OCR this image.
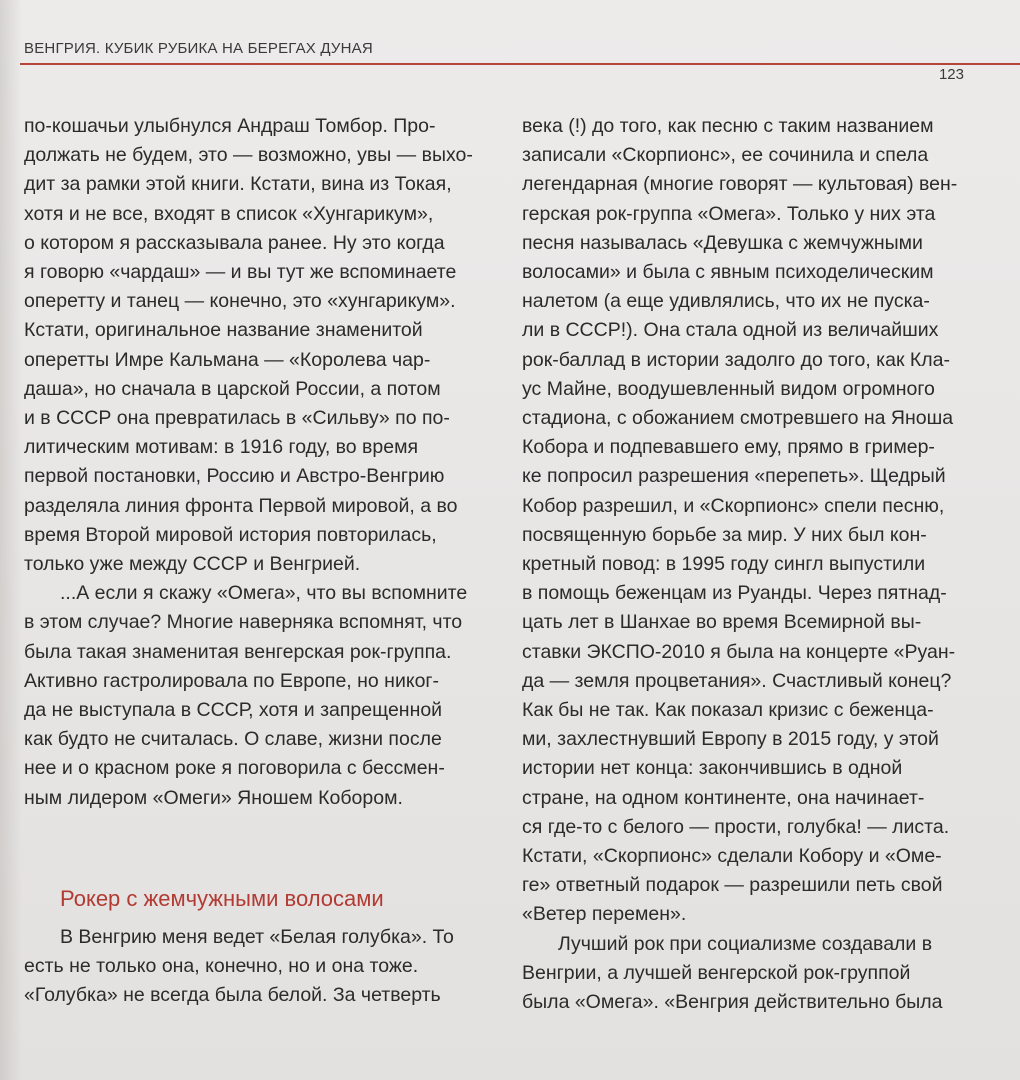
ВЕНГРИЯ. КУБИК РУБИКА НА БЕРЕГАХ ДУНАЯ
123

по-кошачьи улыбнулся Андраш Томбор. Про-
должать не будем, это — возможно, увы — выхо-
дит за рамки этой книги. Кстати, вина из Токая,
хотя и не все, входят в список «Хунгарикум»,
о котором я рассказывала ранее. Ну это когда
я говорю «чардаш» — и вы тут же вспоминаете
оперетту и танец — конечно, это «хунгарикум».
Кстати, оригинальное название знаменитой
оперетты Имре Кальмана — «Королева чар-
даша», но сначала в царской России, а потом
и в СССР она превратилась в «Сильву» по по-
литическим мотивам: в 1916 году, во время
первой постановки, Россию и Австро-Венгрию
разделяла линия фронта Первой мировой, а во
время Второй мировой история повторилась,
только уже между СССР и Венгрией.

...А если я скажу «Омега», что вы вспомните
в этом случае? Многие наверняка вспомнят, что
была такая знаменитая венгерская рок-группа.
Активно гастролировала по Европе, но никог-
да не выступала в СССР, хотя и запрещенной
как будто не считалась. О славе, жизни после
нее и о красном роке я поговорила с бессмен-
ным лидером «Омеги» Яношем Кобором.

Рокер с жемчужными волосами

В Венгрию меня ведет «Белая голубка». То
есть не только она, конечно, но и она тоже.
«Голубка» не всегда была белой. За четверть

века (!) до того, как песню с таким названием
записали «Скорпионс», ее сочинила и спела
легендарная (многие говорят — культовая) вен-
герская рок-группа «Омега». Только у них эта
песня называлась «Девушка с жемчужными
волосами» и была с явным психоделическим
налетом (а еще удивлялись, что их не пуска-
ли в СССР!). Она стала одной из величайших
рок-баллад в истории задолго до того, как Кла-
ус Майне, воодушевленный видом огромного
стадиона, с обожанием смотревшего на Яноша
Кобора и подпевавшего ему, прямо в гример-
ке попросил разрешения «перепеть». Щедрый
Кобор разрешил, и «Скорпионс» спели песню,
посвященную борьбе за мир. У них был кон-
кретный повод: в 1995 году сингл выпустили
в помощь беженцам из Руанды. Через пятнад-
цать лет в Шанхае во время Всемирной вы-
ставки ЭКСПО-2010 я была на концерте «Руан-
да — земля процветания». Счастливый конец?
Как бы не так. Как показал кризис с беженца-
ми, захлестнувший Европу в 2015 году, у этой
истории нет конца: закончившись в одной
стране, на одном континенте, она начинает-
ся где-то с белого — прости, голубка! — листа.
Кстати, «Скорпионс» сделали Кобору и «Оме-
ге» ответный подарок — разрешили петь свой
«Ветер перемен».

Лучший рок при социализме создавали в
Венгрии, а лучшей венгерской рок-группой
была «Омега». «Венгрия действительно была
